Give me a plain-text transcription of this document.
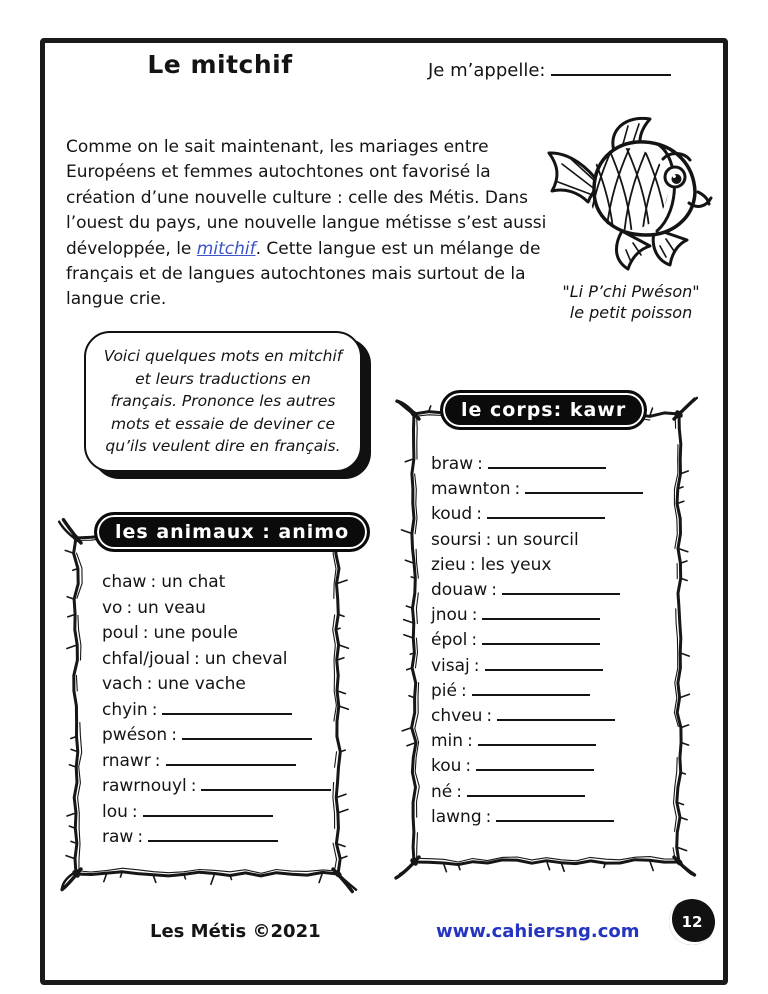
Le mitchif	Je m’appelle:

Comme on le sait maintenant, les mariages entre Européens et femmes autochtones ont favorisé la création d’une nouvelle culture : celle des Métis. Dans l’ouest du pays, une nouvelle langue métisse s’est aussi développée, le mitchif. Cette langue est un mélange de français et de langues autochtones mais surtout de la langue crie.	"Li P’chi Pwéson"
le petit poisson
Voici quelques mots en mitchif et leurs traductions en français. Prononce les autres mots et essaie de deviner ce qu’ils veulent dire en français.
le corps: kawr
braw :
mawnton :
koud :
soursi : un sourcil
zieu : les yeux
douaw :
jnou :
épol :
visaj :
pié :
chveu :
min :
kou :
né :
lawng :
les animaux : animo
chaw : un chat
vo : un veau
poul : une poule
chfal/joual : un cheval
vach : une vache
chyin :
pwéson :
rnawr :
rawrnouyl :
lou :
raw :
Les Métis ©2021	www.cahiersng.com	12
